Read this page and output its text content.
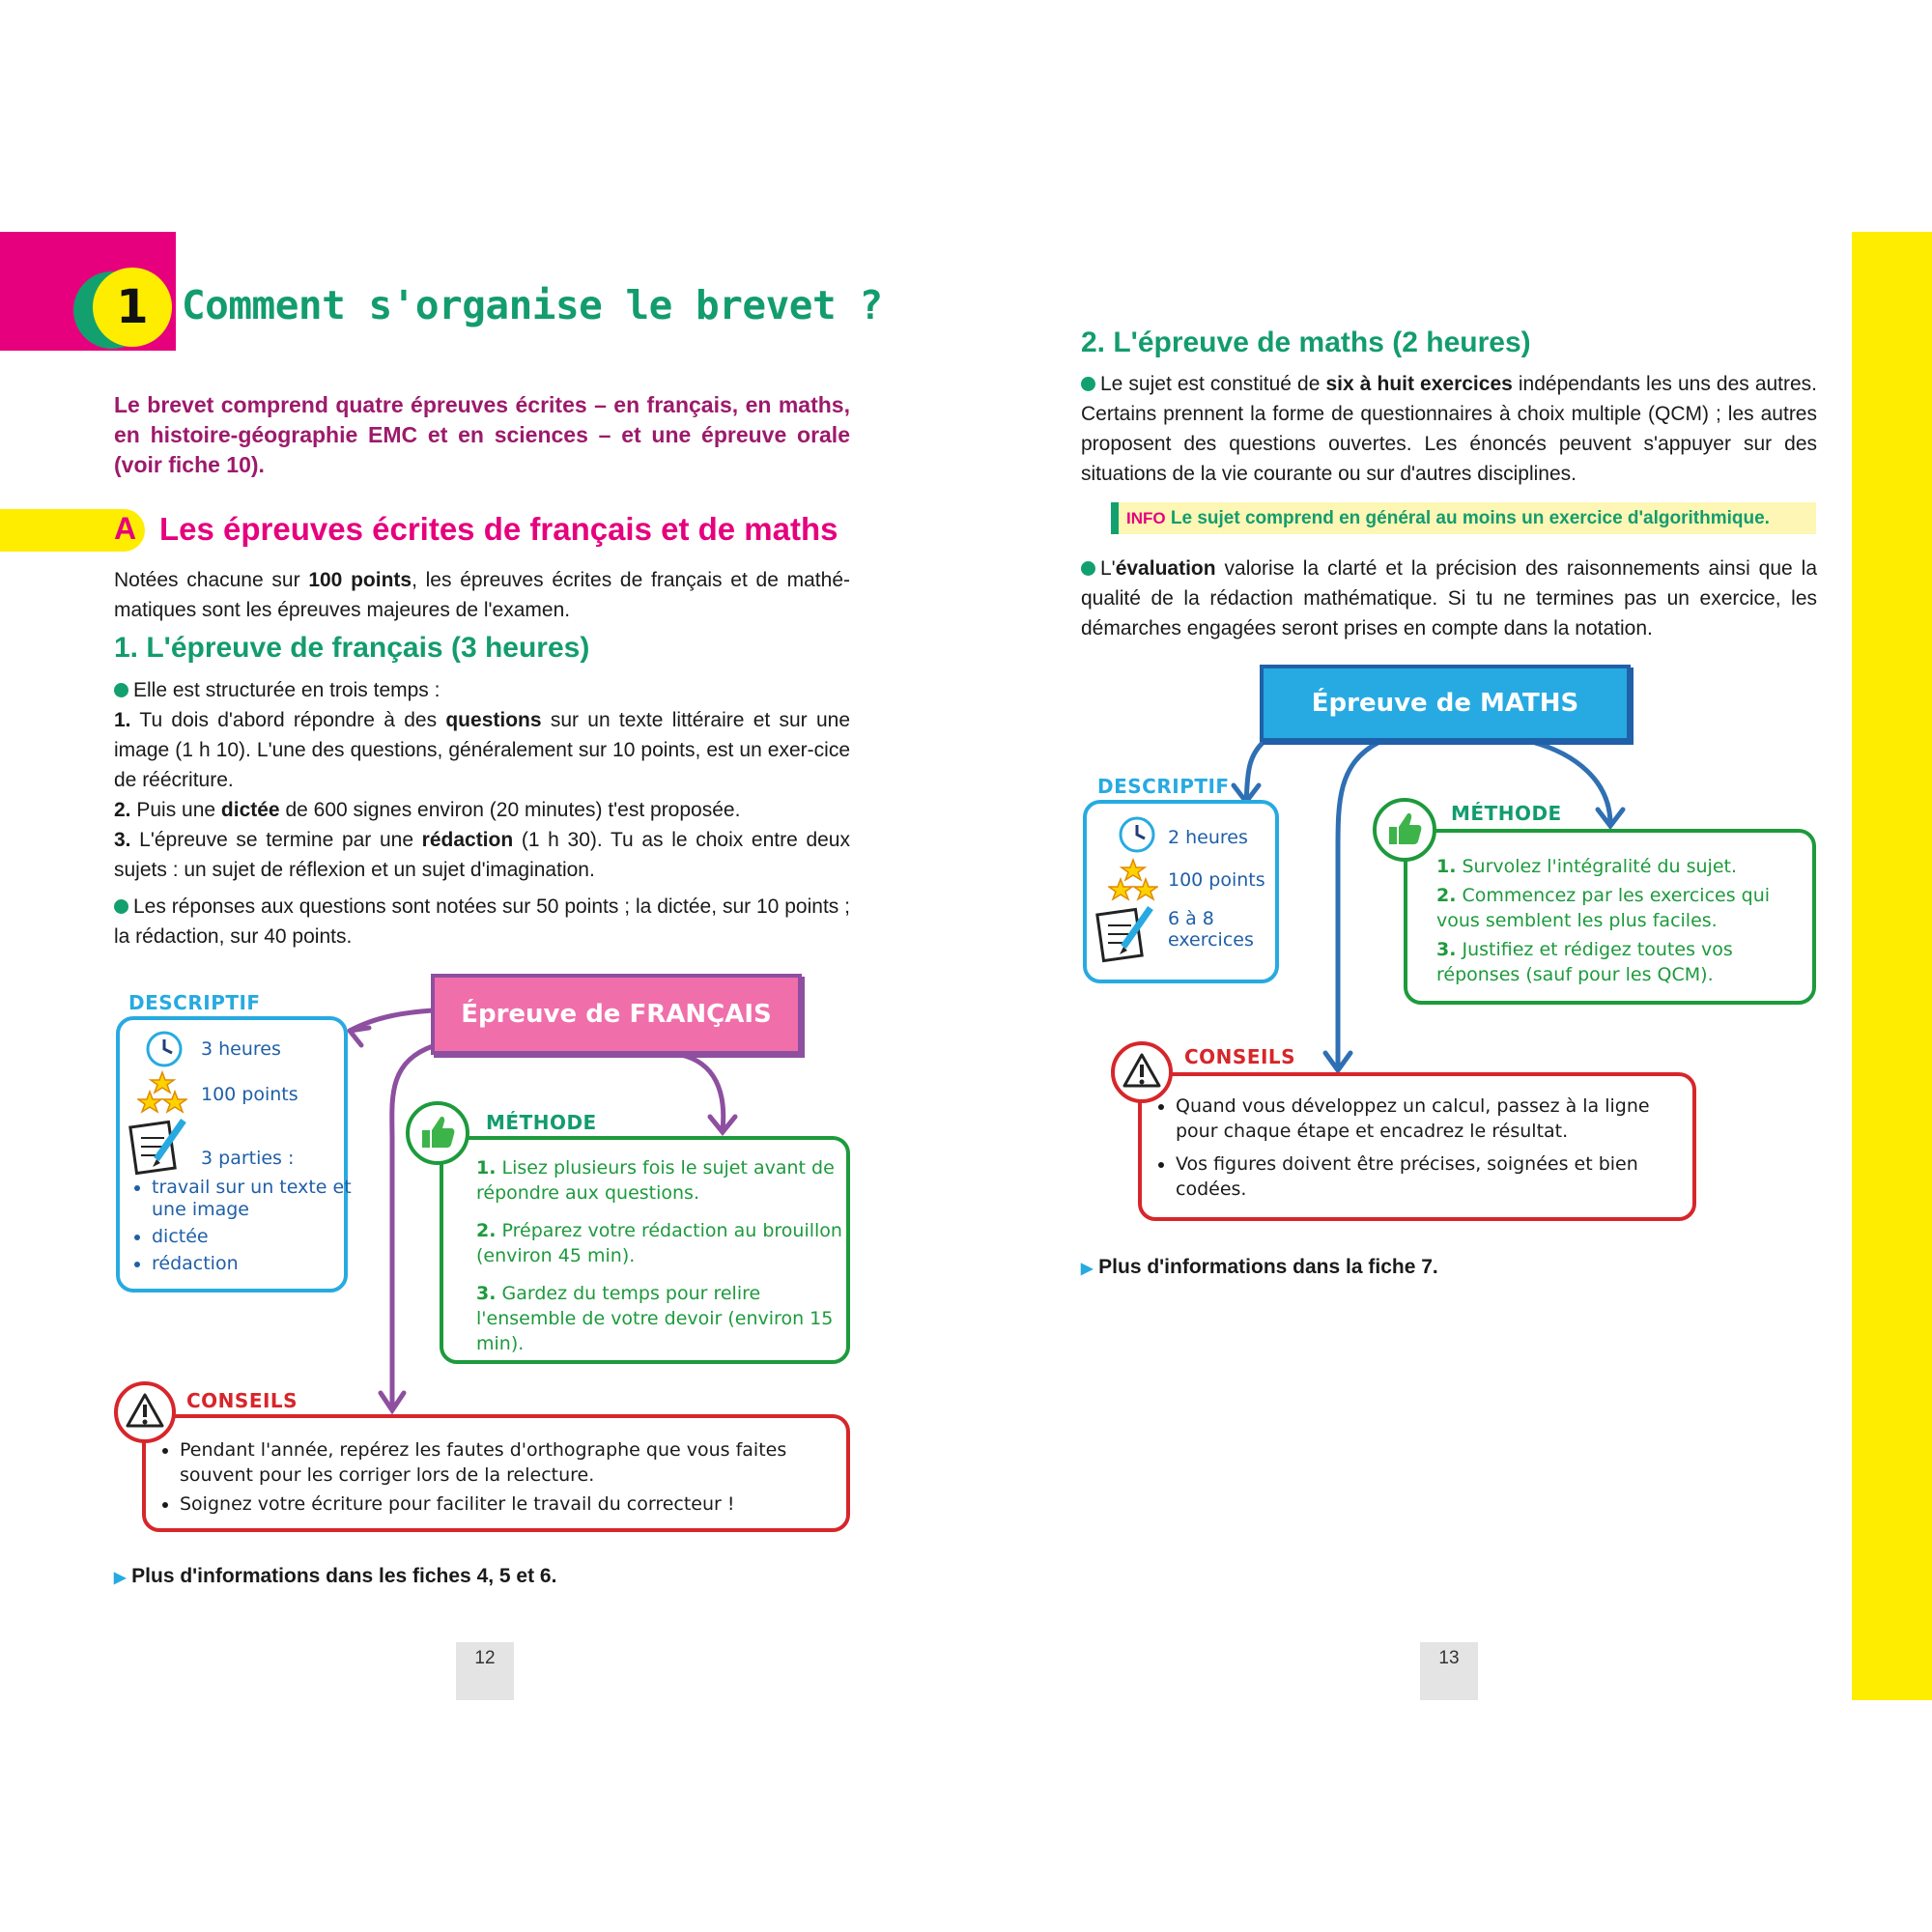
1 Comment s'organise le brevet ?
Le brevet comprend quatre épreuves écrites – en français, en maths, en histoire-géographie EMC et en sciences – et une épreuve orale (voir fiche 10).
A Les épreuves écrites de français et de maths
Notées chacune sur 100 points, les épreuves écrites de français et de mathé-matiques sont les épreuves majeures de l'examen.
1. L'épreuve de français (3 heures)
Elle est structurée en trois temps :
1. Tu dois d'abord répondre à des questions sur un texte littéraire et sur une image (1 h 10). L'une des questions, généralement sur 10 points, est un exer-cice de réécriture.
2. Puis une dictée de 600 signes environ (20 minutes) t'est proposée.
3. L'épreuve se termine par une rédaction (1 h 30). Tu as le choix entre deux sujets : un sujet de réflexion et un sujet d'imagination.
Les réponses aux questions sont notées sur 50 points ; la dictée, sur 10 points ; la rédaction, sur 40 points.
Épreuve de FRANÇAIS
DESCRIPTIF
3 heures
100 points
3 parties :
• travail sur un texte et une image
• dictée
• rédaction
MÉTHODE
1. Lisez plusieurs fois le sujet avant de répondre aux questions.
2. Préparez votre rédaction au brouillon (environ 45 min).
3. Gardez du temps pour relire l'ensemble de votre devoir (environ 15 min).
CONSEILS
• Pendant l'année, repérez les fautes d'orthographe que vous faites souvent pour les corriger lors de la relecture.
• Soignez votre écriture pour faciliter le travail du correcteur !
▶ Plus d'informations dans les fiches 4, 5 et 6.
12
2. L'épreuve de maths (2 heures)
Le sujet est constitué de six à huit exercices indépendants les uns des autres. Certains prennent la forme de questionnaires à choix multiple (QCM) ; les autres proposent des questions ouvertes. Les énoncés peuvent s'appuyer sur des situations de la vie courante ou sur d'autres disciplines.
INFO Le sujet comprend en général au moins un exercice d'algorithmique.
L'évaluation valorise la clarté et la précision des raisonnements ainsi que la qualité de la rédaction mathématique. Si tu ne termines pas un exercice, les démarches engagées seront prises en compte dans la notation.
Épreuve de MATHS
DESCRIPTIF
2 heures
100 points
6 à 8 exercices
MÉTHODE
1. Survolez l'intégralité du sujet.
2. Commencez par les exercices qui vous semblent les plus faciles.
3. Justifiez et rédigez toutes vos réponses (sauf pour les QCM).
CONSEILS
• Quand vous développez un calcul, passez à la ligne pour chaque étape et encadrez le résultat.
• Vos figures doivent être précises, soignées et bien codées.
▶ Plus d'informations dans la fiche 7.
13
